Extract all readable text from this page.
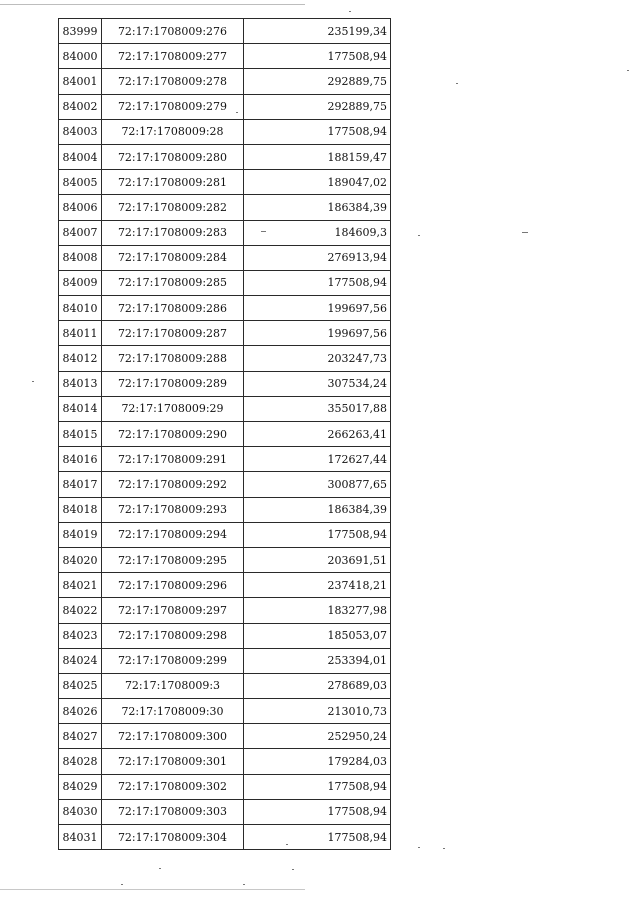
83999	72:17:1708009:276	235199,34
84000	72:17:1708009:277	177508,94
84001	72:17:1708009:278	292889,75
84002	72:17:1708009:279	292889,75
84003	72:17:1708009:28	177508,94
84004	72:17:1708009:280	188159,47
84005	72:17:1708009:281	189047,02
84006	72:17:1708009:282	186384,39
84007	72:17:1708009:283	184609,3
84008	72:17:1708009:284	276913,94
84009	72:17:1708009:285	177508,94
84010	72:17:1708009:286	199697,56
84011	72:17:1708009:287	199697,56
84012	72:17:1708009:288	203247,73
84013	72:17:1708009:289	307534,24
84014	72:17:1708009:29	355017,88
84015	72:17:1708009:290	266263,41
84016	72:17:1708009:291	172627,44
84017	72:17:1708009:292	300877,65
84018	72:17:1708009:293	186384,39
84019	72:17:1708009:294	177508,94
84020	72:17:1708009:295	203691,51
84021	72:17:1708009:296	237418,21
84022	72:17:1708009:297	183277,98
84023	72:17:1708009:298	185053,07
84024	72:17:1708009:299	253394,01
84025	72:17:1708009:3	278689,03
84026	72:17:1708009:30	213010,73
84027	72:17:1708009:300	252950,24
84028	72:17:1708009:301	179284,03
84029	72:17:1708009:302	177508,94
84030	72:17:1708009:303	177508,94
84031	72:17:1708009:304	177508,94
